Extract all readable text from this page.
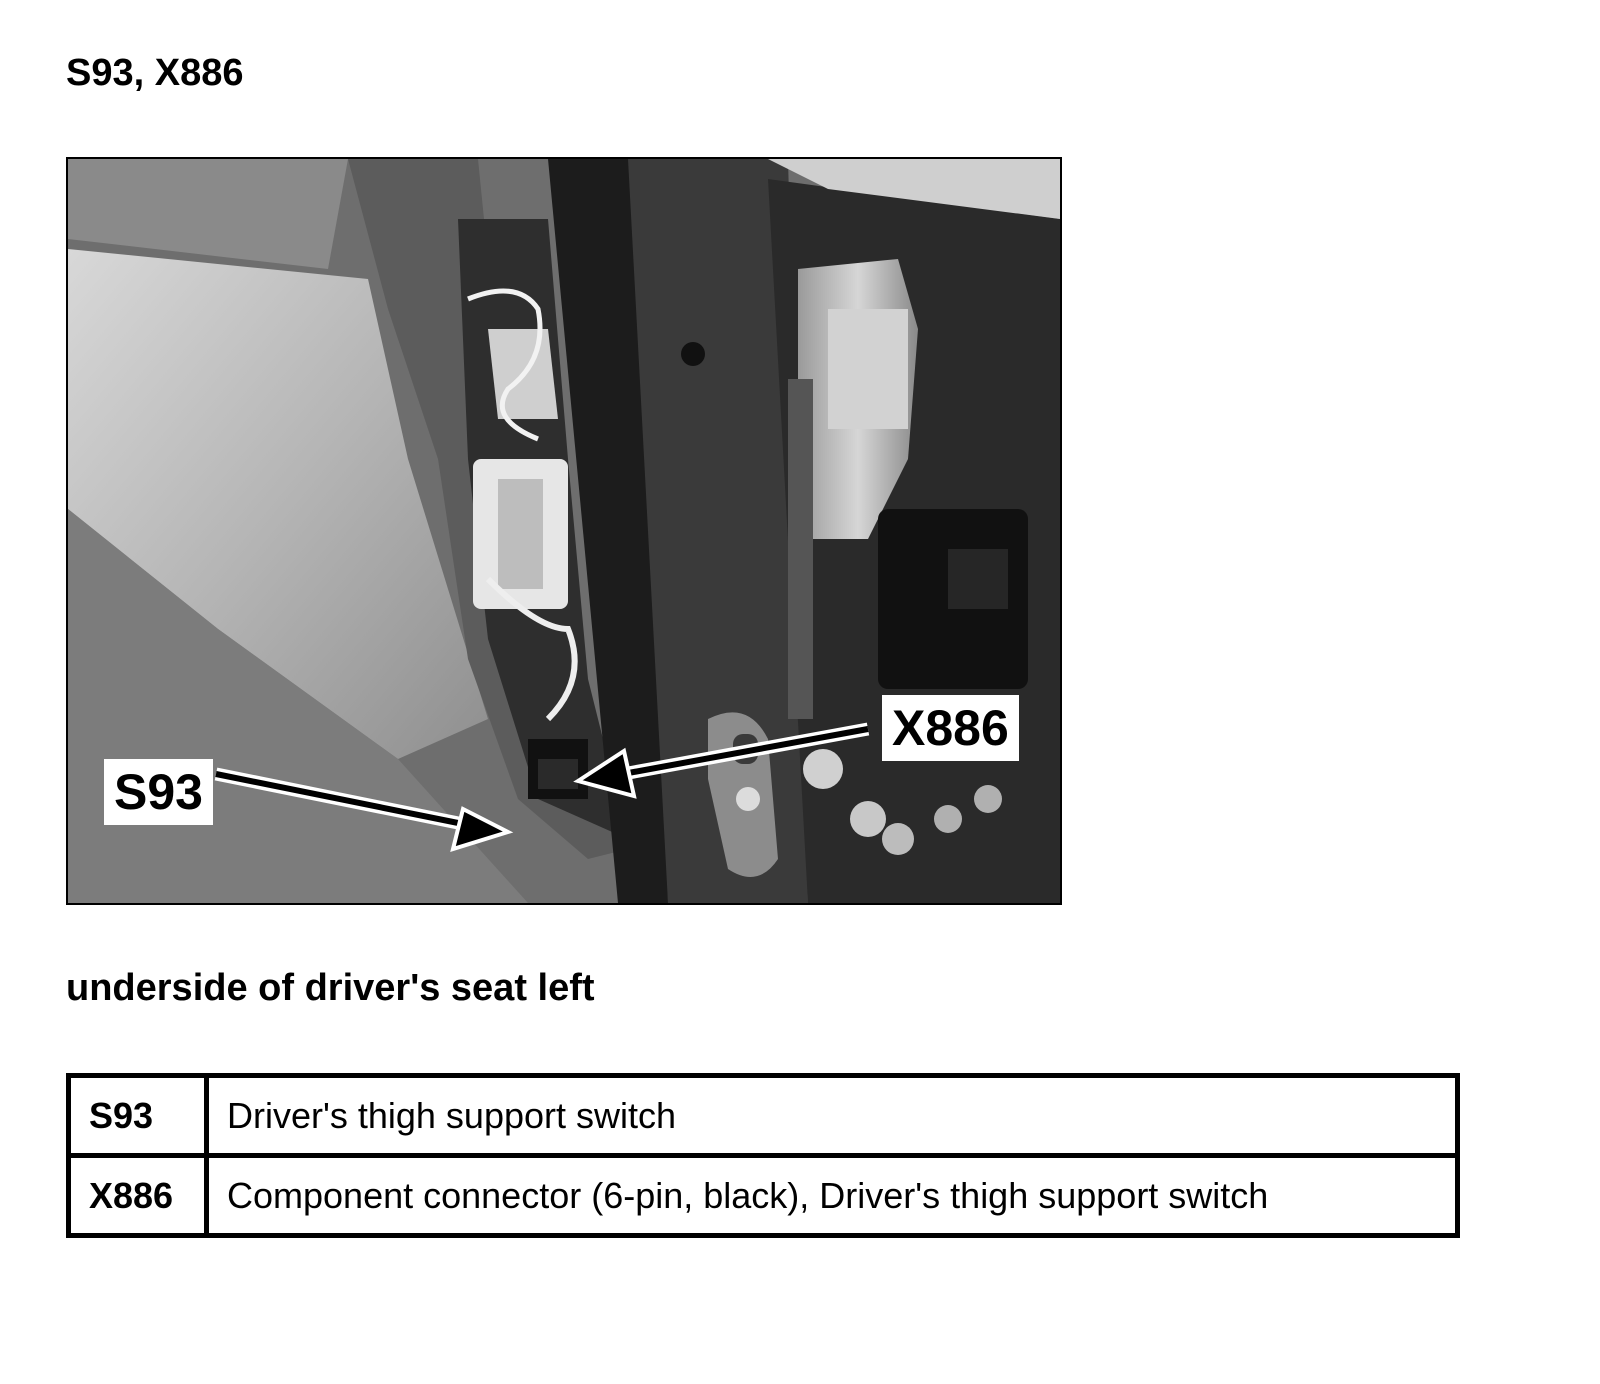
S93, X886
S93
X886

underside of driver's seat left

S93	Driver's thigh support switch
X886	Component connector (6-pin, black), Driver's thigh support switch
